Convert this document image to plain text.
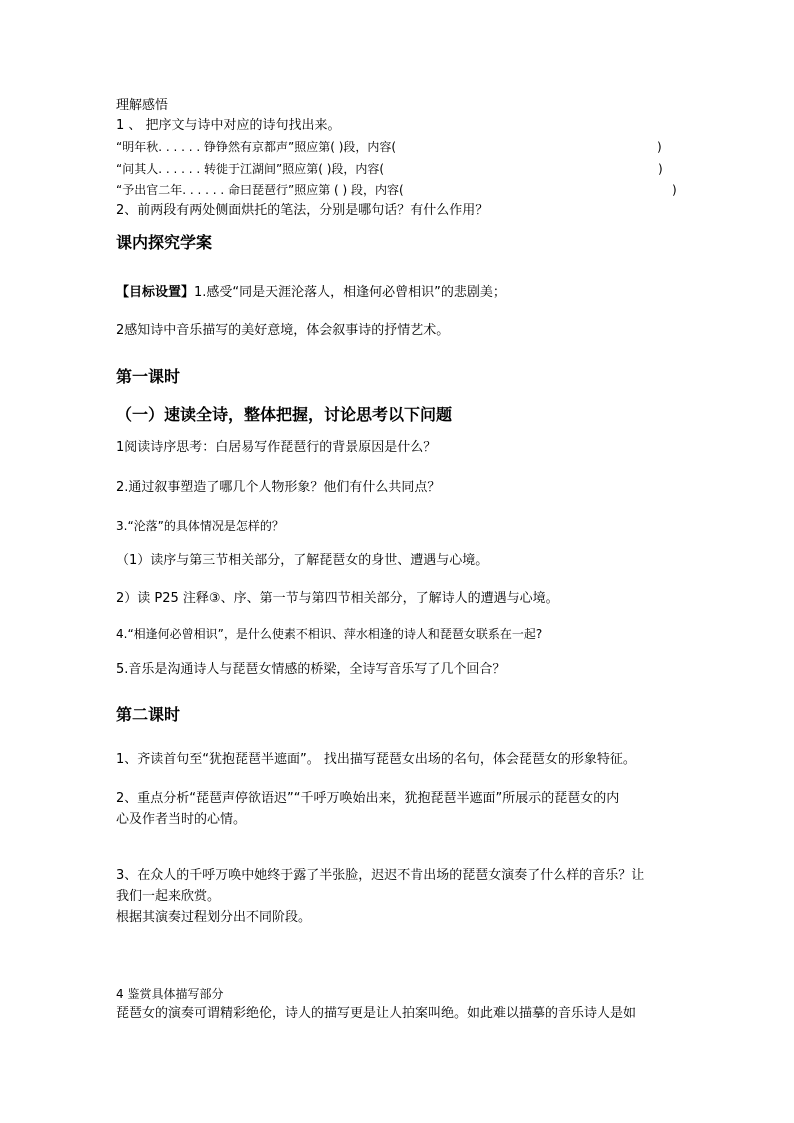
理解感悟
1 、 把序文与诗中对应的诗句找出来。
“明年秋. . . . . . 铮铮然有京都声”照应第( )段，内容(	)
“问其人. . . . . . 转徙于江湖间”照应第( )段，内容(	)
“予出官二年. . . . . . 命曰琵琶行”照应第 ( ) 段，内容(	)
2、前两段有两处侧面烘托的笔法，分别是哪句话？有什么作用？
课内探究学案
【目标设置】1.感受“同是天涯沦落人，相逢何必曾相识”的悲剧美；
2感知诗中音乐描写的美好意境，体会叙事诗的抒情艺术。
第一课时
（一）速读全诗，整体把握，讨论思考以下问题
1阅读诗序思考：白居易写作琵琶行的背景原因是什么？
2.通过叙事塑造了哪几个人物形象？他们有什么共同点？
3.“沦落”的具体情况是怎样的？
（1）读序与第三节相关部分，了解琵琶女的身世、遭遇与心境。
2）读 P25 注释③、序、第一节与第四节相关部分，了解诗人的遭遇与心境。
4.“相逢何必曾相识”，是什么使素不相识、萍水相逢的诗人和琵琶女联系在一起?
5.音乐是沟通诗人与琵琶女情感的桥梁，全诗写音乐写了几个回合？
第二课时
1、齐读首句至“犹抱琵琶半遮面”。 找出描写琵琶女出场的名句，体会琵琶女的形象特征。
2、重点分析“琵琶声停欲语迟”“千呼万唤始出来，犹抱琵琶半遮面”所展示的琵琶女的内
心及作者当时的心情。
3、在众人的千呼万唤中她终于露了半张脸，迟迟不肯出场的琵琶女演奏了什么样的音乐？让
我们一起来欣赏。
根据其演奏过程划分出不同阶段。
4 鉴赏具体描写部分
琵琶女的演奏可谓精彩绝伦，诗人的描写更是让人拍案叫绝。如此难以描摹的音乐诗人是如
